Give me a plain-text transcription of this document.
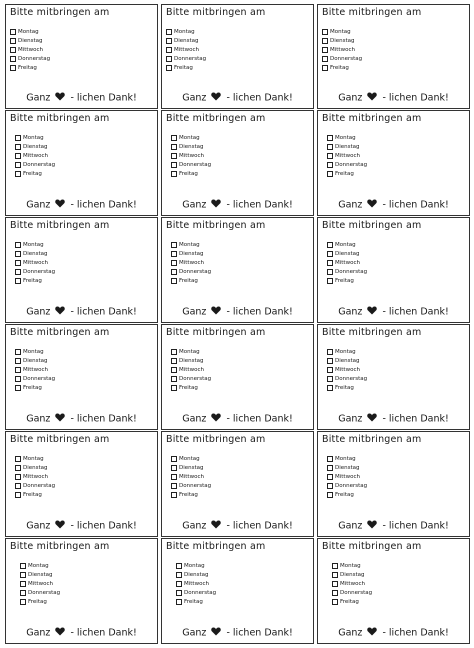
Bitte mitbringen am
Montag
Dienstag
Mittwoch
Donnerstag
Freitag
Ganz - lichen Dank!
Bitte mitbringen am
Montag
Dienstag
Mittwoch
Donnerstag
Freitag
Ganz - lichen Dank!
Bitte mitbringen am
Montag
Dienstag
Mittwoch
Donnerstag
Freitag
Ganz - lichen Dank!
Bitte mitbringen am
Montag
Dienstag
Mittwoch
Donnerstag
Freitag
Ganz - lichen Dank!
Bitte mitbringen am
Montag
Dienstag
Mittwoch
Donnerstag
Freitag
Ganz - lichen Dank!
Bitte mitbringen am
Montag
Dienstag
Mittwoch
Donnerstag
Freitag
Ganz - lichen Dank!
Bitte mitbringen am
Montag
Dienstag
Mittwoch
Donnerstag
Freitag
Ganz - lichen Dank!
Bitte mitbringen am
Montag
Dienstag
Mittwoch
Donnerstag
Freitag
Ganz - lichen Dank!
Bitte mitbringen am
Montag
Dienstag
Mittwoch
Donnerstag
Freitag
Ganz - lichen Dank!
Bitte mitbringen am
Montag
Dienstag
Mittwoch
Donnerstag
Freitag
Ganz - lichen Dank!
Bitte mitbringen am
Montag
Dienstag
Mittwoch
Donnerstag
Freitag
Ganz - lichen Dank!
Bitte mitbringen am
Montag
Dienstag
Mittwoch
Donnerstag
Freitag
Ganz - lichen Dank!
Bitte mitbringen am
Montag
Dienstag
Mittwoch
Donnerstag
Freitag
Ganz - lichen Dank!
Bitte mitbringen am
Montag
Dienstag
Mittwoch
Donnerstag
Freitag
Ganz - lichen Dank!
Bitte mitbringen am
Montag
Dienstag
Mittwoch
Donnerstag
Freitag
Ganz - lichen Dank!
Bitte mitbringen am
Montag
Dienstag
Mittwoch
Donnerstag
Freitag
Ganz - lichen Dank!
Bitte mitbringen am
Montag
Dienstag
Mittwoch
Donnerstag
Freitag
Ganz - lichen Dank!
Bitte mitbringen am
Montag
Dienstag
Mittwoch
Donnerstag
Freitag
Ganz - lichen Dank!
